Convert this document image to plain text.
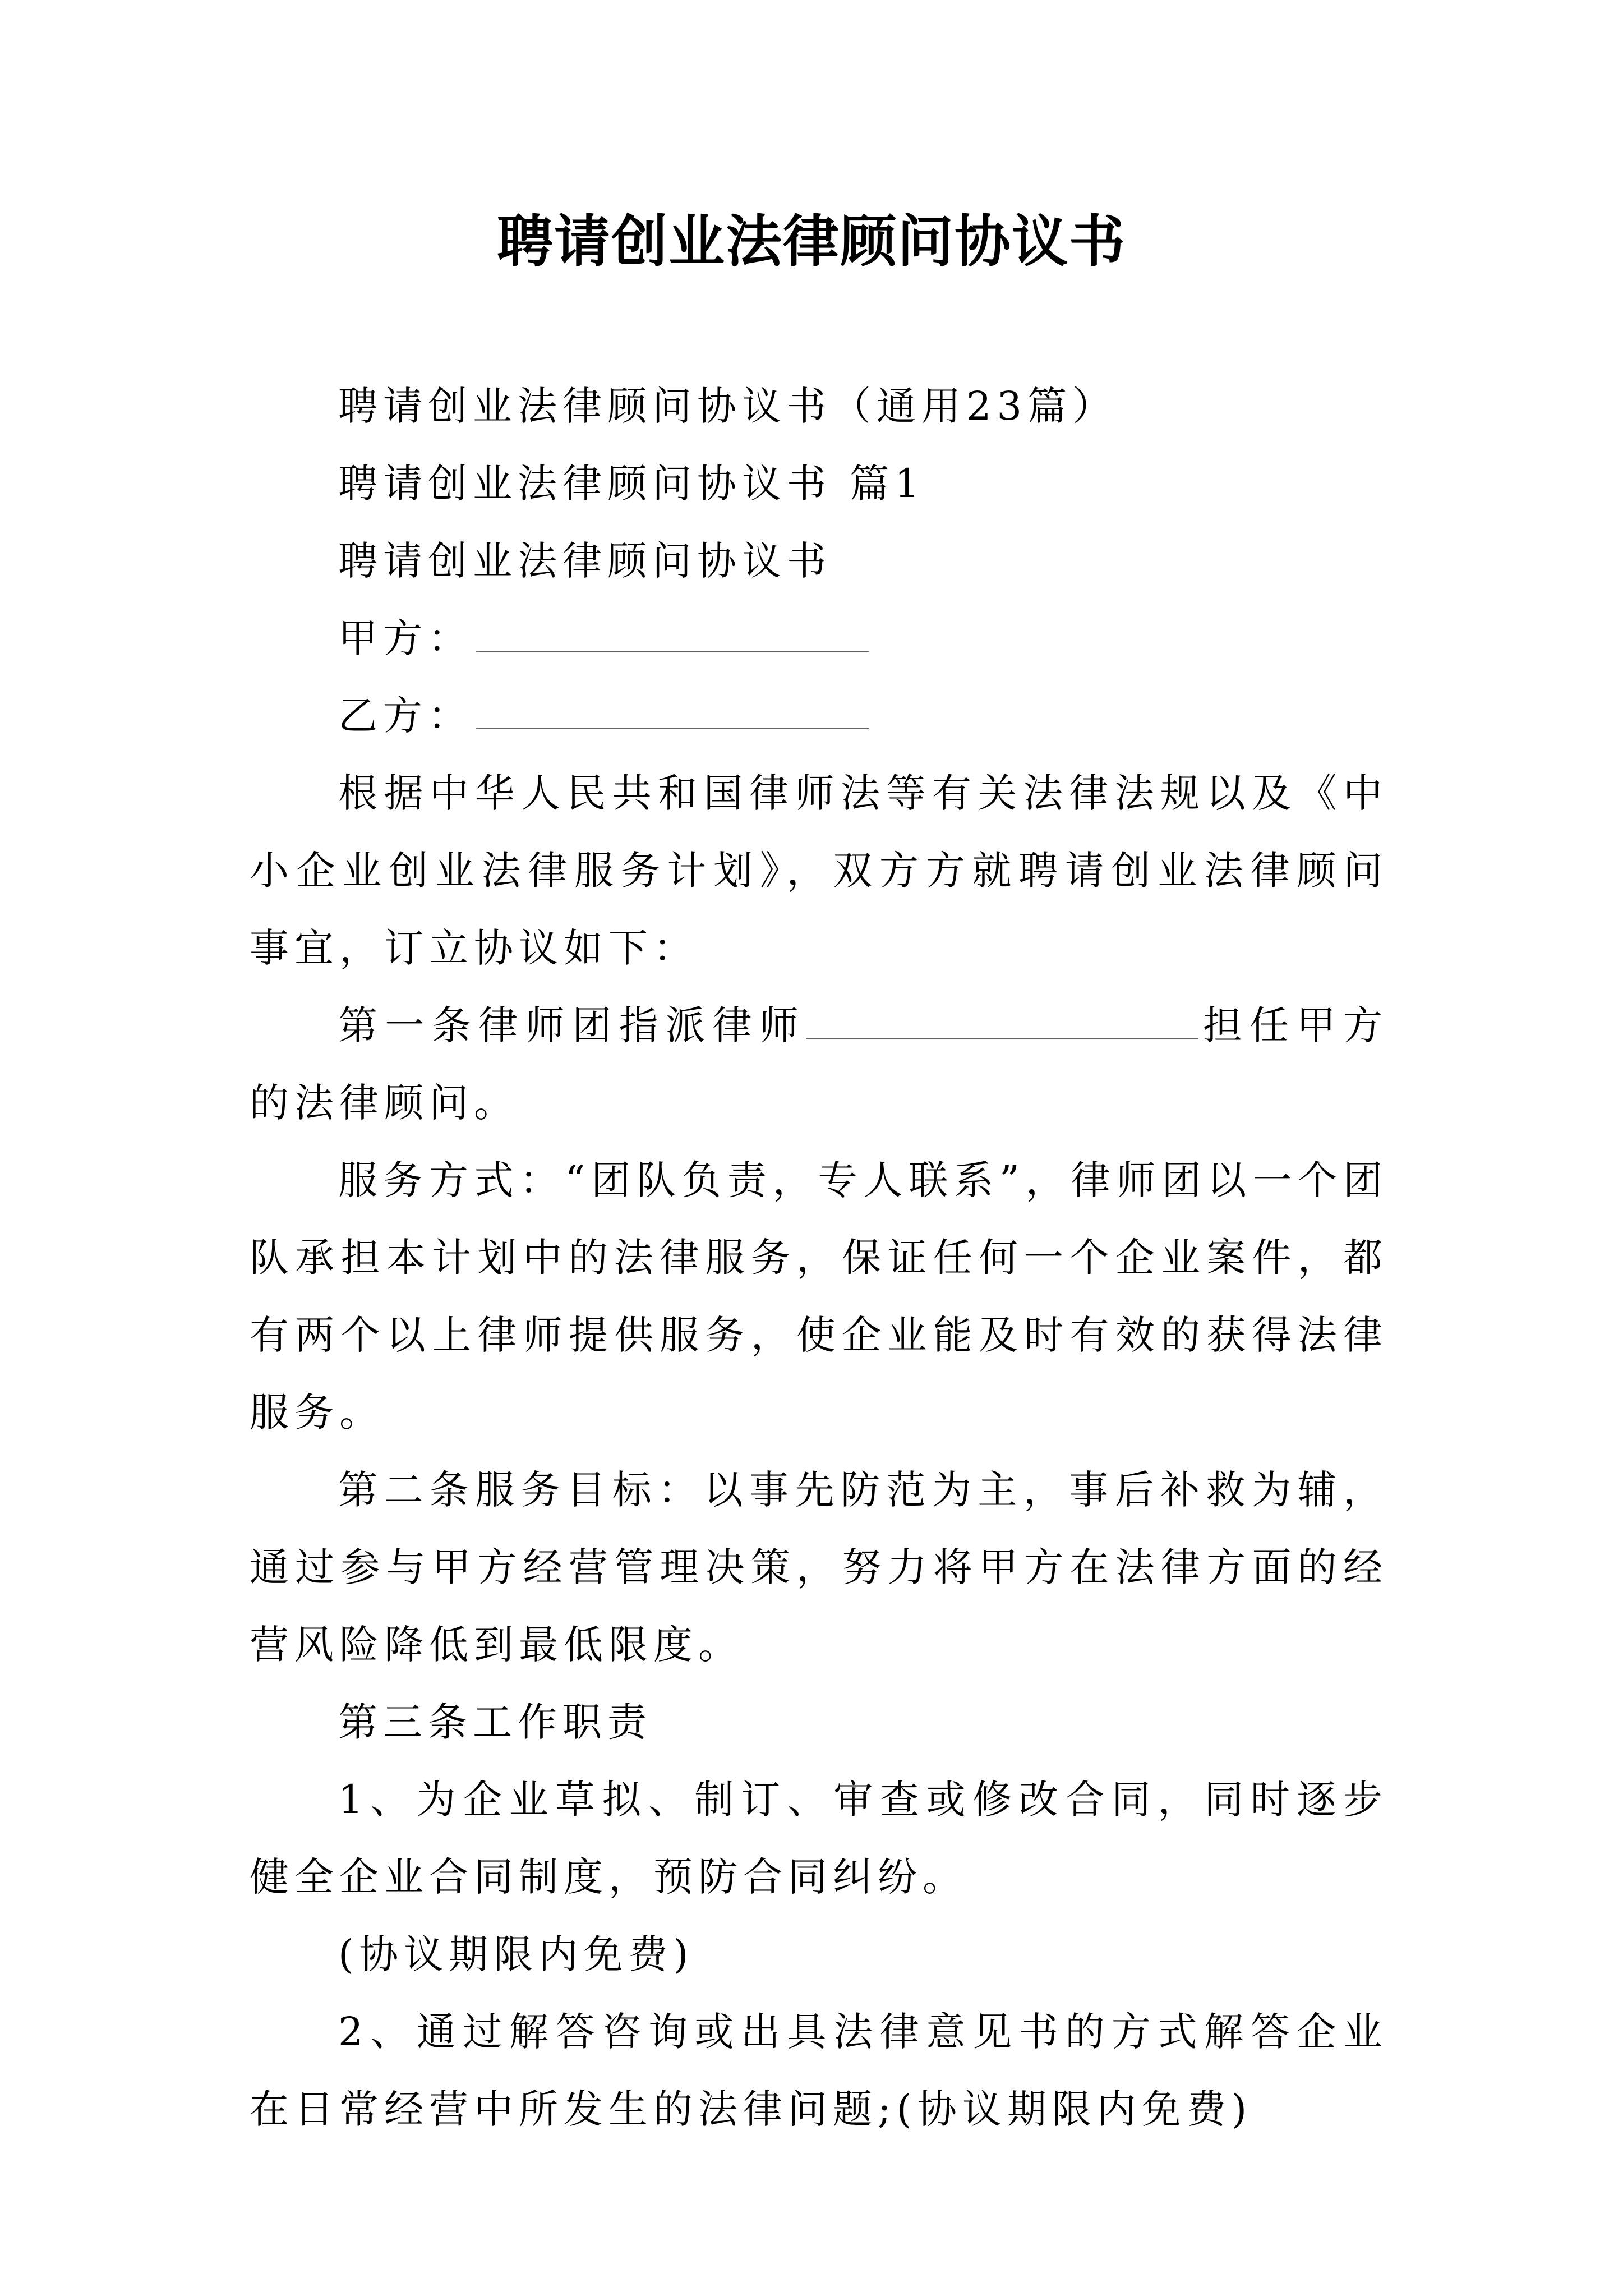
聘请创业法律顾问协议书

聘请创业法律顾问协议书（通用23篇）

聘请创业法律顾问协议书 篇1

聘请创业法律顾问协议书

甲方：

乙方：

根据中华人民共和国律师法等有关法律法规以及《中小企业创业法律服务计划》，双方方就聘请创业法律顾问事宜，订立协议如下：

第一条律师团指派律师	担任甲方的法律顾问。

服务方式：“团队负责，专人联系”，律师团以一个团队承担本计划中的法律服务，保证任何一个企业案件，都有两个以上律师提供服务，使企业能及时有效的获得法律服务。

第二条服务目标：以事先防范为主，事后补救为辅，通过参与甲方经营管理决策，努力将甲方在法律方面的经营风险降低到最低限度。

第三条工作职责

1、为企业草拟、制订、审查或修改合同，同时逐步健全企业合同制度，预防合同纠纷。

(协议期限内免费)

2、通过解答咨询或出具法律意见书的方式解答企业在日常经营中所发生的法律问题;(协议期限内免费)
